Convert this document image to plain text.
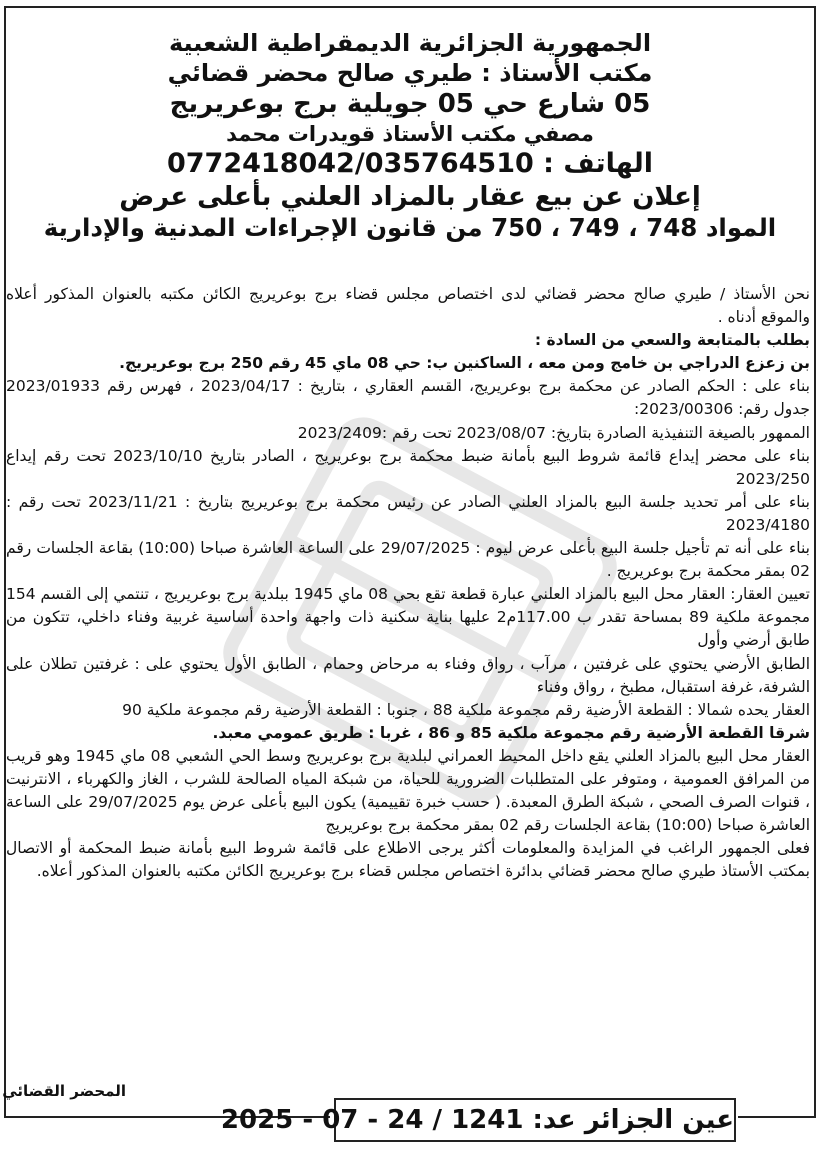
الجمهورية الجزائرية الديمقراطية الشعبية
مكتب الأستاذ : طيري صالح محضر قضائي
05 شارع حي 05 جويلية برج بوعريريج
مصفي مكتب الأستاذ قويدرات محمد
الهاتف : 0772418042/035764510
إعلان عن بيع عقار بالمزاد العلني بأعلى عرض
المواد 748 ، 749 ، 750 من قانون الإجراءات المدنية والإدارية

نحن الأستاذ / طيري صالح محضر قضائي لدى اختصاص مجلس قضاء برج بوعريريج الكائن مكتبه بالعنوان المذكور أعلاه والموقع أدناه .

بطلب بالمتابعة والسعي من السادة :

بن زعزع الدراجي بن خامج ومن معه ، الساكنين ب: حي 08 ماي 45 رقم 250 برج بوعريريج.

بناء على : الحكم الصادر عن محكمة برج بوعريريج، القسم العقاري ، بتاريخ : 2023/04/17 ، فهرس رقم 2023/01933 جدول رقم: 2023/00306:

الممهور بالصيغة التنفيذية الصادرة بتاريخ: 2023/08/07 تحت رقم :2023/2409

بناء على محضر إيداع قائمة شروط البيع بأمانة ضبط محكمة برج بوعريريج ، الصادر بتاريخ 2023/10/10 تحت رقم إيداع 2023/250

بناء على أمر تحديد جلسة البيع بالمزاد العلني الصادر عن رئيس محكمة برج بوعريريج بتاريخ : 2023/11/21 تحت رقم : 2023/4180

بناء على أنه تم تأجيل جلسة البيع بأعلى عرض ليوم : 29/07/2025 على الساعة العاشرة صباحا (10:00) بقاعة الجلسات رقم 02 بمقر محكمة برج بوعريريج .

تعيين العقار: العقار محل البيع بالمزاد العلني عبارة قطعة تقع بحي 08 ماي 1945 ببلدية برج بوعريريج ، تنتمي إلى القسم 154 مجموعة ملكية 89 بمساحة تقدر ب 117.00م2 عليها بناية سكنية ذات واجهة واحدة أساسية غربية وفناء داخلي، تتكون من طابق أرضي وأول

الطابق الأرضي يحتوي على غرفتين ، مرآب ، رواق وفناء به مرحاض وحمام ، الطابق الأول يحتوي على : غرفتين تطلان على الشرفة، غرفة استقبال، مطبخ ، رواق وفناء

العقار يحده شمالا : القطعة الأرضية رقم مجموعة ملكية 88 ، جنوبا : القطعة الأرضية رقم مجموعة ملكية 90

شرقا القطعة الأرضية رقم مجموعة ملكية 85 و 86 ، غربا : طريق عمومي معبد.

العقار محل البيع بالمزاد العلني يقع داخل المحيط العمراني لبلدية برج بوعريريج وسط الحي الشعبي 08 ماي 1945 وهو قريب من المرافق العمومية ، ومتوفر على المتطلبات الضرورية للحياة، من شبكة المياه الصالحة للشرب ، الغاز والكهرباء ، الانترنيت ، قنوات الصرف الصحي ، شبكة الطرق المعبدة. ( حسب خبرة تقييمية) يكون البيع بأعلى عرض يوم 29/07/2025 على الساعة العاشرة صباحا (10:00) بقاعة الجلسات رقم 02 بمقر محكمة برج بوعريريج

فعلى الجمهور الراغب في المزايدة والمعلومات أكثر يرجى الاطلاع على قائمة شروط البيع بأمانة ضبط المحكمة أو الاتصال بمكتب الأستاذ طيري صالح محضر قضائي بدائرة اختصاص مجلس قضاء برج بوعريريج الكائن مكتبه بالعنوان المذكور أعلاه.

المحضر القضائي
عين الجزائر عد: 1241 / 24 - 07 - 2025
